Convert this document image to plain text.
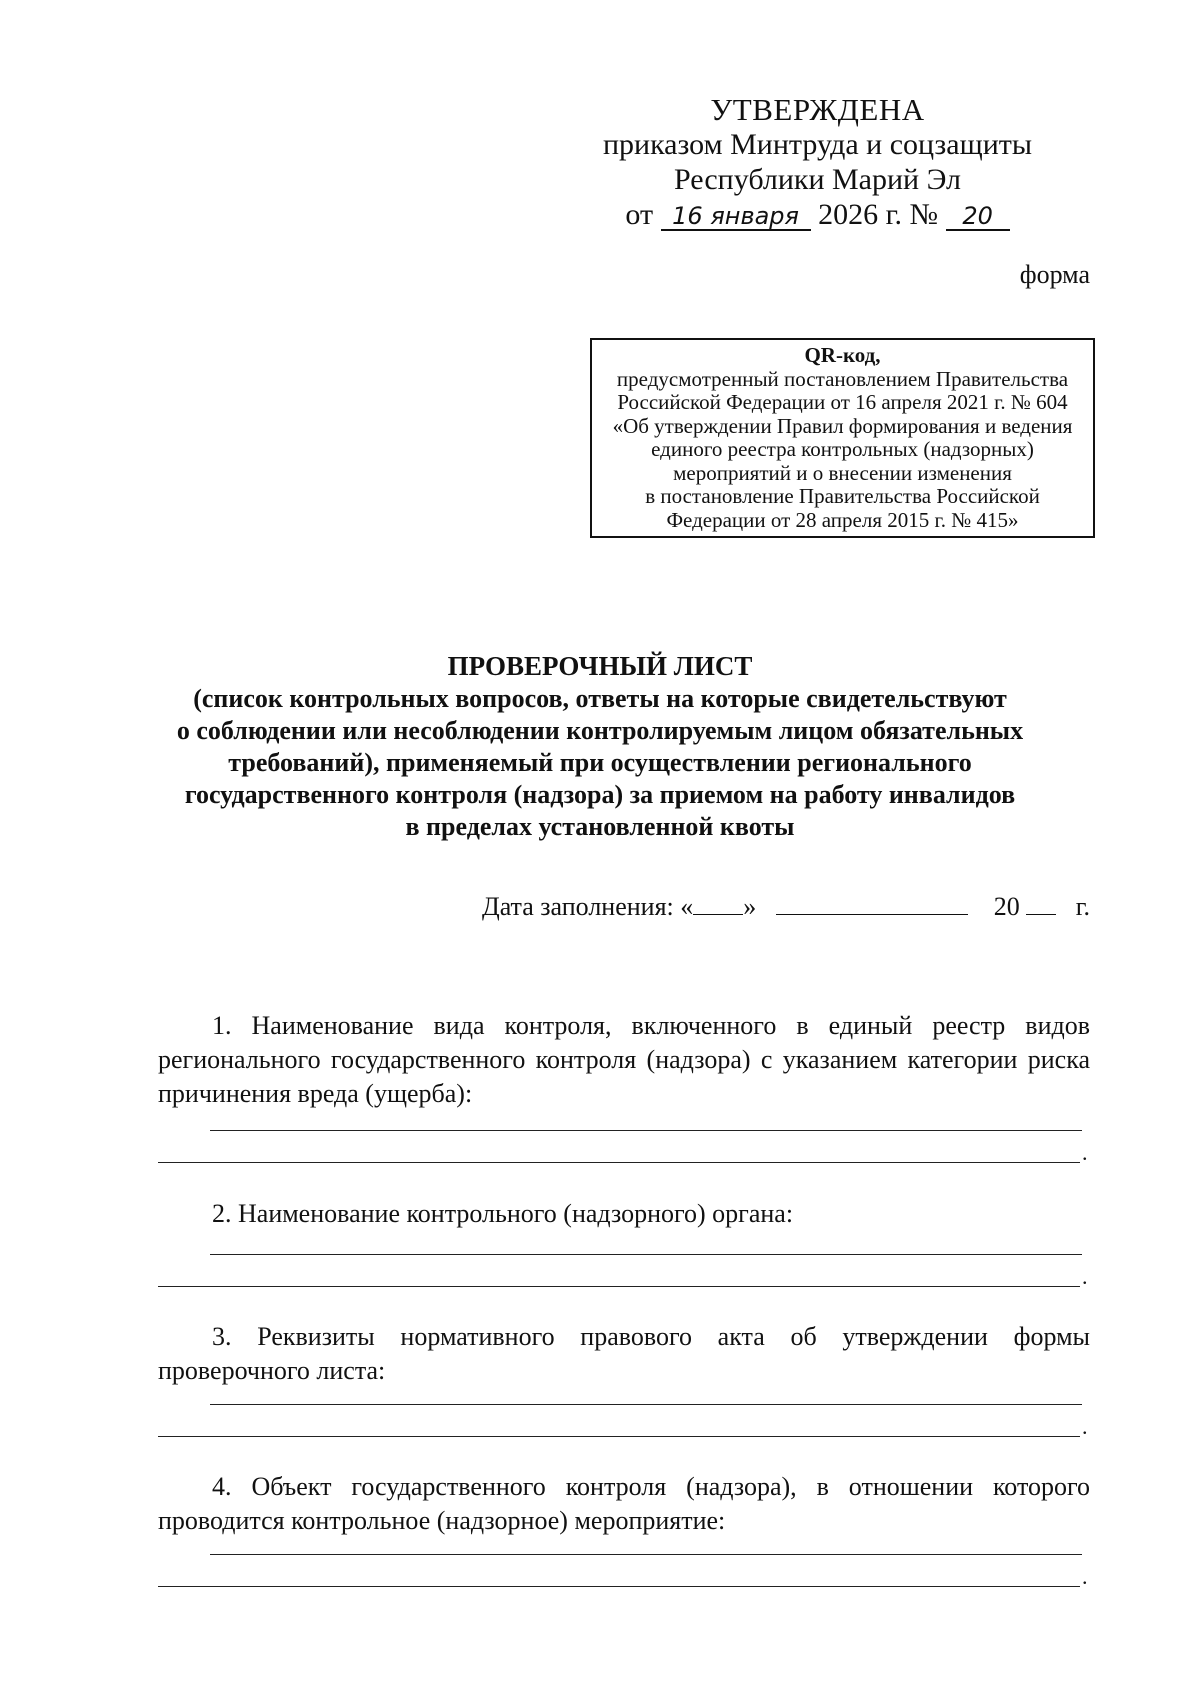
УТВЕРЖДЕНА
приказом Минтруда и соцзащиты
Республики Марий Эл
от 16 января 2026 г. № 20
форма
QR-код,
предусмотренный постановлением Правительства
Российской Федерации от 16 апреля 2021 г. № 604
«Об утверждении Правил формирования и ведения
единого реестра контрольных (надзорных)
мероприятий и о внесении изменения
в постановление Правительства Российской
Федерации от 28 апреля 2015 г. № 415»
ПРОВЕРОЧНЫЙ ЛИСТ
(список контрольных вопросов, ответы на которые свидетельствуют
о соблюдении или несоблюдении контролируемым лицом обязательных
требований), применяемый при осуществлении регионального
государственного контроля (надзора) за приемом на работу инвалидов
в пределах установленной квоты
Дата заполнения: « »	20 г.

1. Наименование вида контроля, включенного в единый реестр видов регионального государственного контроля (надзора) с указанием категории риска причинения вреда (ущерба):

.

2. Наименование контрольного (надзорного) органа:

.

3. Реквизиты нормативного правового акта об утверждении формы проверочного листа:

.

4. Объект государственного контроля (надзора), в отношении которого проводится контрольное (надзорное) мероприятие:

.
